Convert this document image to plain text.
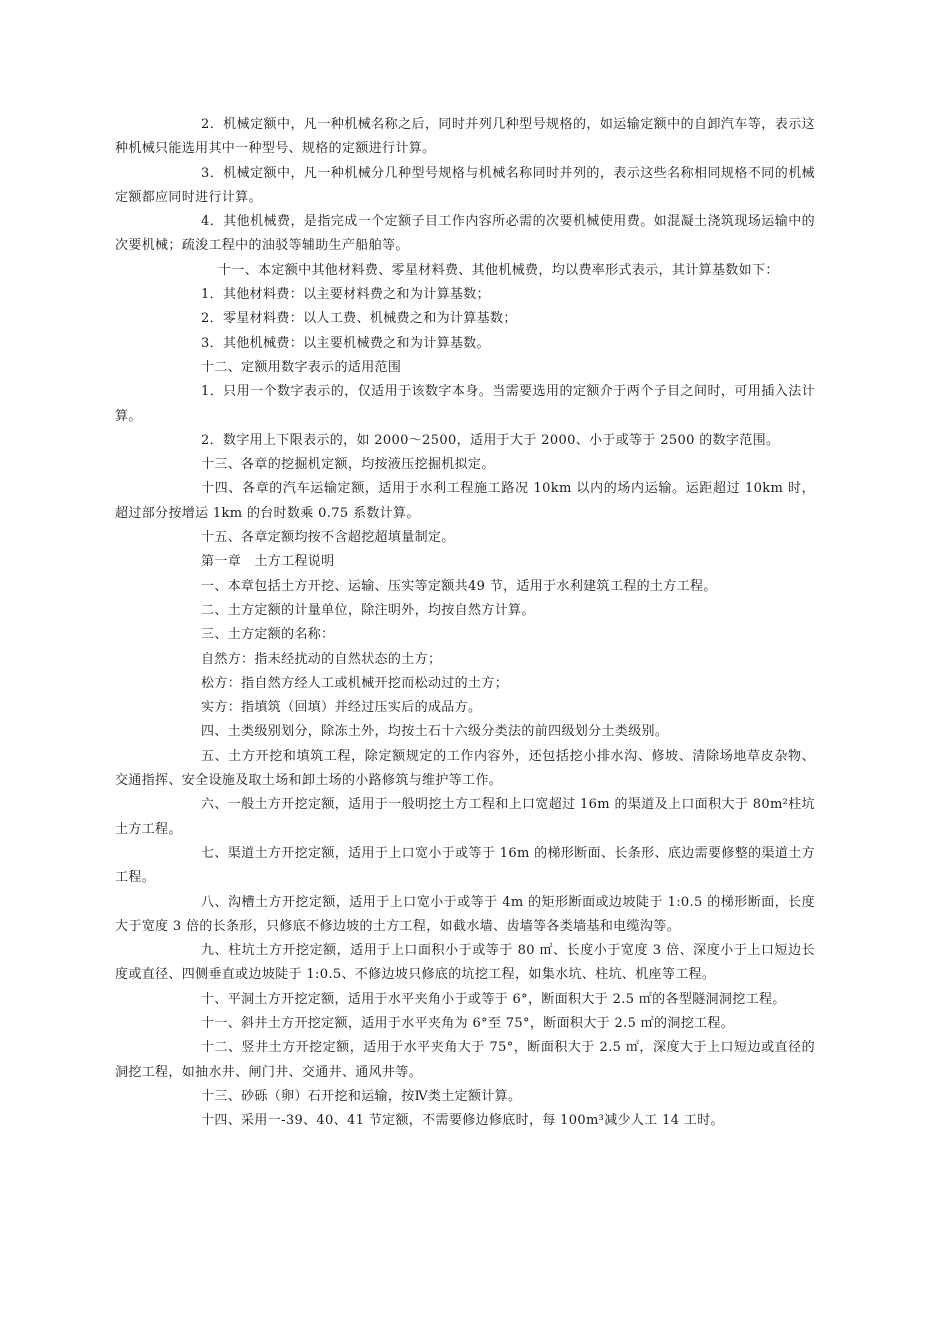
2．机械定额中，凡一种机械名称之后，同时并列几种型号规格的，如运输定额中的自卸汽车等，表示这种机械只能选用其中一种型号、规格的定额进行计算。

3．机械定额中，凡一种机械分几种型号规格与机械名称同时并列的，表示这些名称相同规格不同的机械定额都应同时进行计算。

4．其他机械费，是指完成一个定额子目工作内容所必需的次要机械使用费。如混凝土浇筑现场运输中的次要机械；疏浚工程中的油驳等辅助生产船舶等。

十一、本定额中其他材料费、零星材料费、其他机械费，均以费率形式表示，其计算基数如下：

1．其他材料费：以主要材料费之和为计算基数；

2．零星材料费：以人工费、机械费之和为计算基数；

3．其他机械费：以主要机械费之和为计算基数。

十二、定额用数字表示的适用范围

1．只用一个数字表示的，仅适用于该数字本身。当需要选用的定额介于两个子目之间时，可用插入法计算。

2．数字用上下限表示的，如 2000～2500，适用于大于 2000、小于或等于 2500 的数字范围。

十三、各章的挖掘机定额，均按液压挖掘机拟定。

十四、各章的汽车运输定额，适用于水利工程施工路况 10km 以内的场内运输。运距超过 10km 时，超过部分按增运 1km 的台时数乘 0.75 系数计算。

十五、各章定额均按不含超挖超填量制定。

第一章　土方工程说明

一、本章包括土方开挖、运输、压实等定额共49 节，适用于水利建筑工程的土方工程。

二、土方定额的计量单位，除注明外，均按自然方计算。

三、土方定额的名称：

自然方：指未经扰动的自然状态的土方；

松方：指自然方经人工或机械开挖而松动过的土方；

实方：指填筑（回填）并经过压实后的成品方。

四、土类级别划分，除冻土外，均按土石十六级分类法的前四级划分土类级别。

五、土方开挖和填筑工程，除定额规定的工作内容外，还包括挖小排水沟、修坡、清除场地草皮杂物、交通指挥、安全设施及取土场和卸土场的小路修筑与维护等工作。

六、一般土方开挖定额，适用于一般明挖土方工程和上口宽超过 16m 的渠道及上口面积大于 80m²柱坑土方工程。

七、渠道土方开挖定额，适用于上口宽小于或等于 16m 的梯形断面、长条形、底边需要修整的渠道土方工程。

八、沟槽土方开挖定额，适用于上口宽小于或等于 4m 的矩形断面或边坡陡于 1:0.5 的梯形断面，长度大于宽度 3 倍的长条形，只修底不修边坡的土方工程，如截水墙、齿墙等各类墙基和电缆沟等。

九、柱坑土方开挖定额，适用于上口面积小于或等于 80 ㎡、长度小于宽度 3 倍、深度小于上口短边长度或直径、四侧垂直或边坡陡于 1:0.5、不修边坡只修底的坑挖工程，如集水坑、柱坑、机座等工程。

十、平洞土方开挖定额，适用于水平夹角小于或等于 6°，断面积大于 2.5 ㎡的各型隧洞洞挖工程。

十一、斜井土方开挖定额，适用于水平夹角为 6°至 75°，断面积大于 2.5 ㎡的洞挖工程。

十二、竖井土方开挖定额，适用于水平夹角大于 75°，断面积大于 2.5 ㎡，深度大于上口短边或直径的洞挖工程，如抽水井、闸门井、交通井、通风井等。

十三、砂砾（卵）石开挖和运输，按Ⅳ类土定额计算。

十四、采用一-39、40、41 节定额，不需要修边修底时，每 100m³减少人工 14 工时。
